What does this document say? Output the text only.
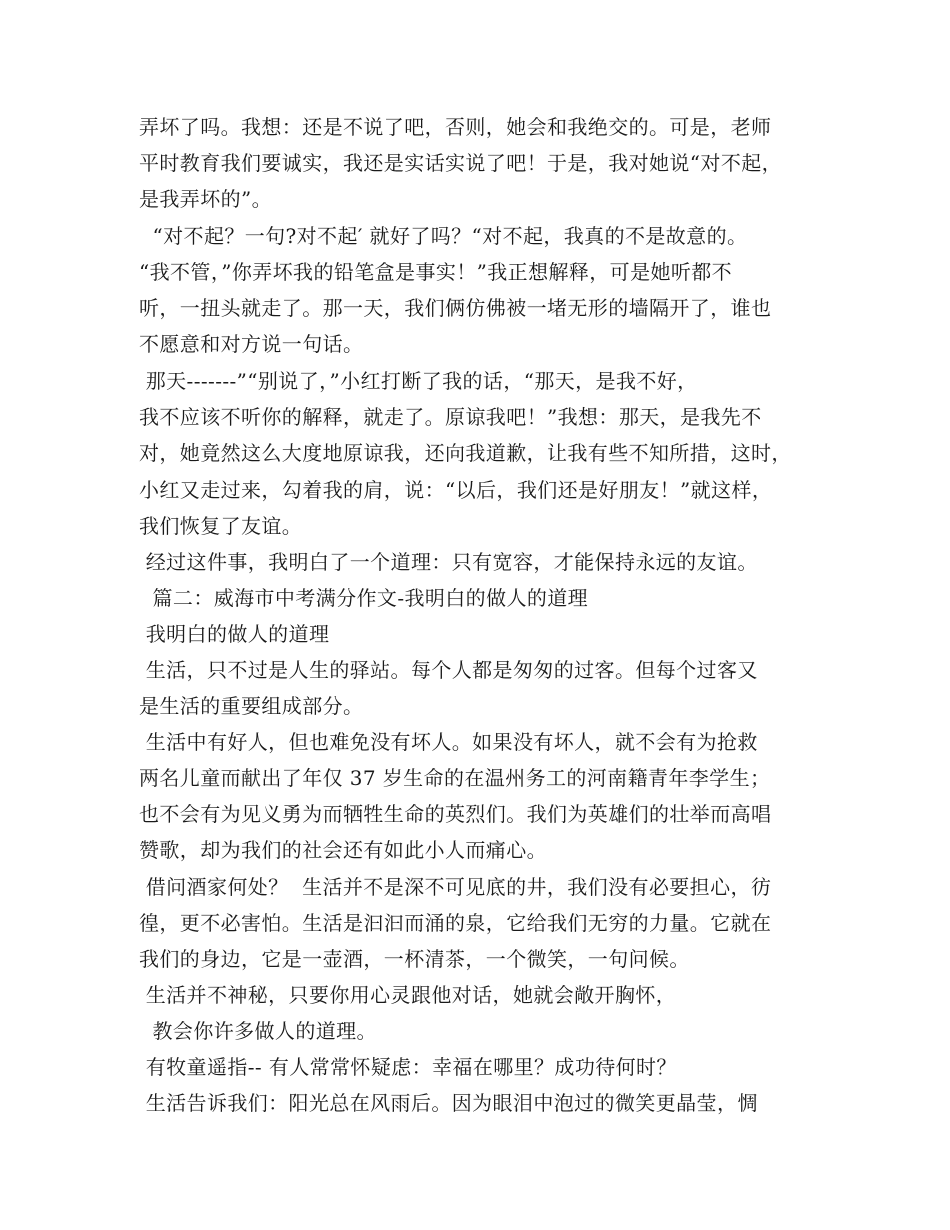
弄坏了吗。我想：还是不说了吧，否则，她会和我绝交的。可是，老师
平时教育我们要诚实，我还是实话实说了吧！于是，我对她说“对不起，
是我弄坏的”。
“对不起？一句?对不起′ 就好了吗？“对不起，我真的不是故意的。
“我不管，”你弄坏我的铅笔盒是事实！”我正想解释，可是她听都不
听，一扭头就走了。那一天，我们俩仿佛被一堵无形的墙隔开了，谁也
不愿意和对方说一句话。
那天-------”“别说了，”小红打断了我的话，“那天，是我不好，
我不应该不听你的解释，就走了。原谅我吧！”我想：那天，是我先不
对，她竟然这么大度地原谅我，还向我道歉，让我有些不知所措，这时，
小红又走过来，勾着我的肩，说：“以后，我们还是好朋友！”就这样，
我们恢复了友谊。
经过这件事，我明白了一个道理：只有宽容，才能保持永远的友谊。
篇二：威海市中考满分作文-我明白的做人的道理
我明白的做人的道理
生活，只不过是人生的驿站。每个人都是匆匆的过客。但每个过客又
是生活的重要组成部分。
生活中有好人，但也难免没有坏人。如果没有坏人，就不会有为抢救
两名儿童而献出了年仅 37 岁生命的在温州务工的河南籍青年李学生；
也不会有为见义勇为而牺牲生命的英烈们。我们为英雄们的壮举而高唱
赞歌，却为我们的社会还有如此小人而痛心。
借问酒家何处？  生活并不是深不可见底的井，我们没有必要担心，彷
徨，更不必害怕。生活是汩汩而涌的泉，它给我们无穷的力量。它就在
我们的身边，它是一壶酒，一杯清茶，一个微笑，一句问候。
生活并不神秘，只要你用心灵跟他对话，她就会敞开胸怀，
教会你许多做人的道理。
有牧童遥指-- 有人常常怀疑虑：幸福在哪里？成功待何时？
生活告诉我们：阳光总在风雨后。因为眼泪中泡过的微笑更晶莹，惆
